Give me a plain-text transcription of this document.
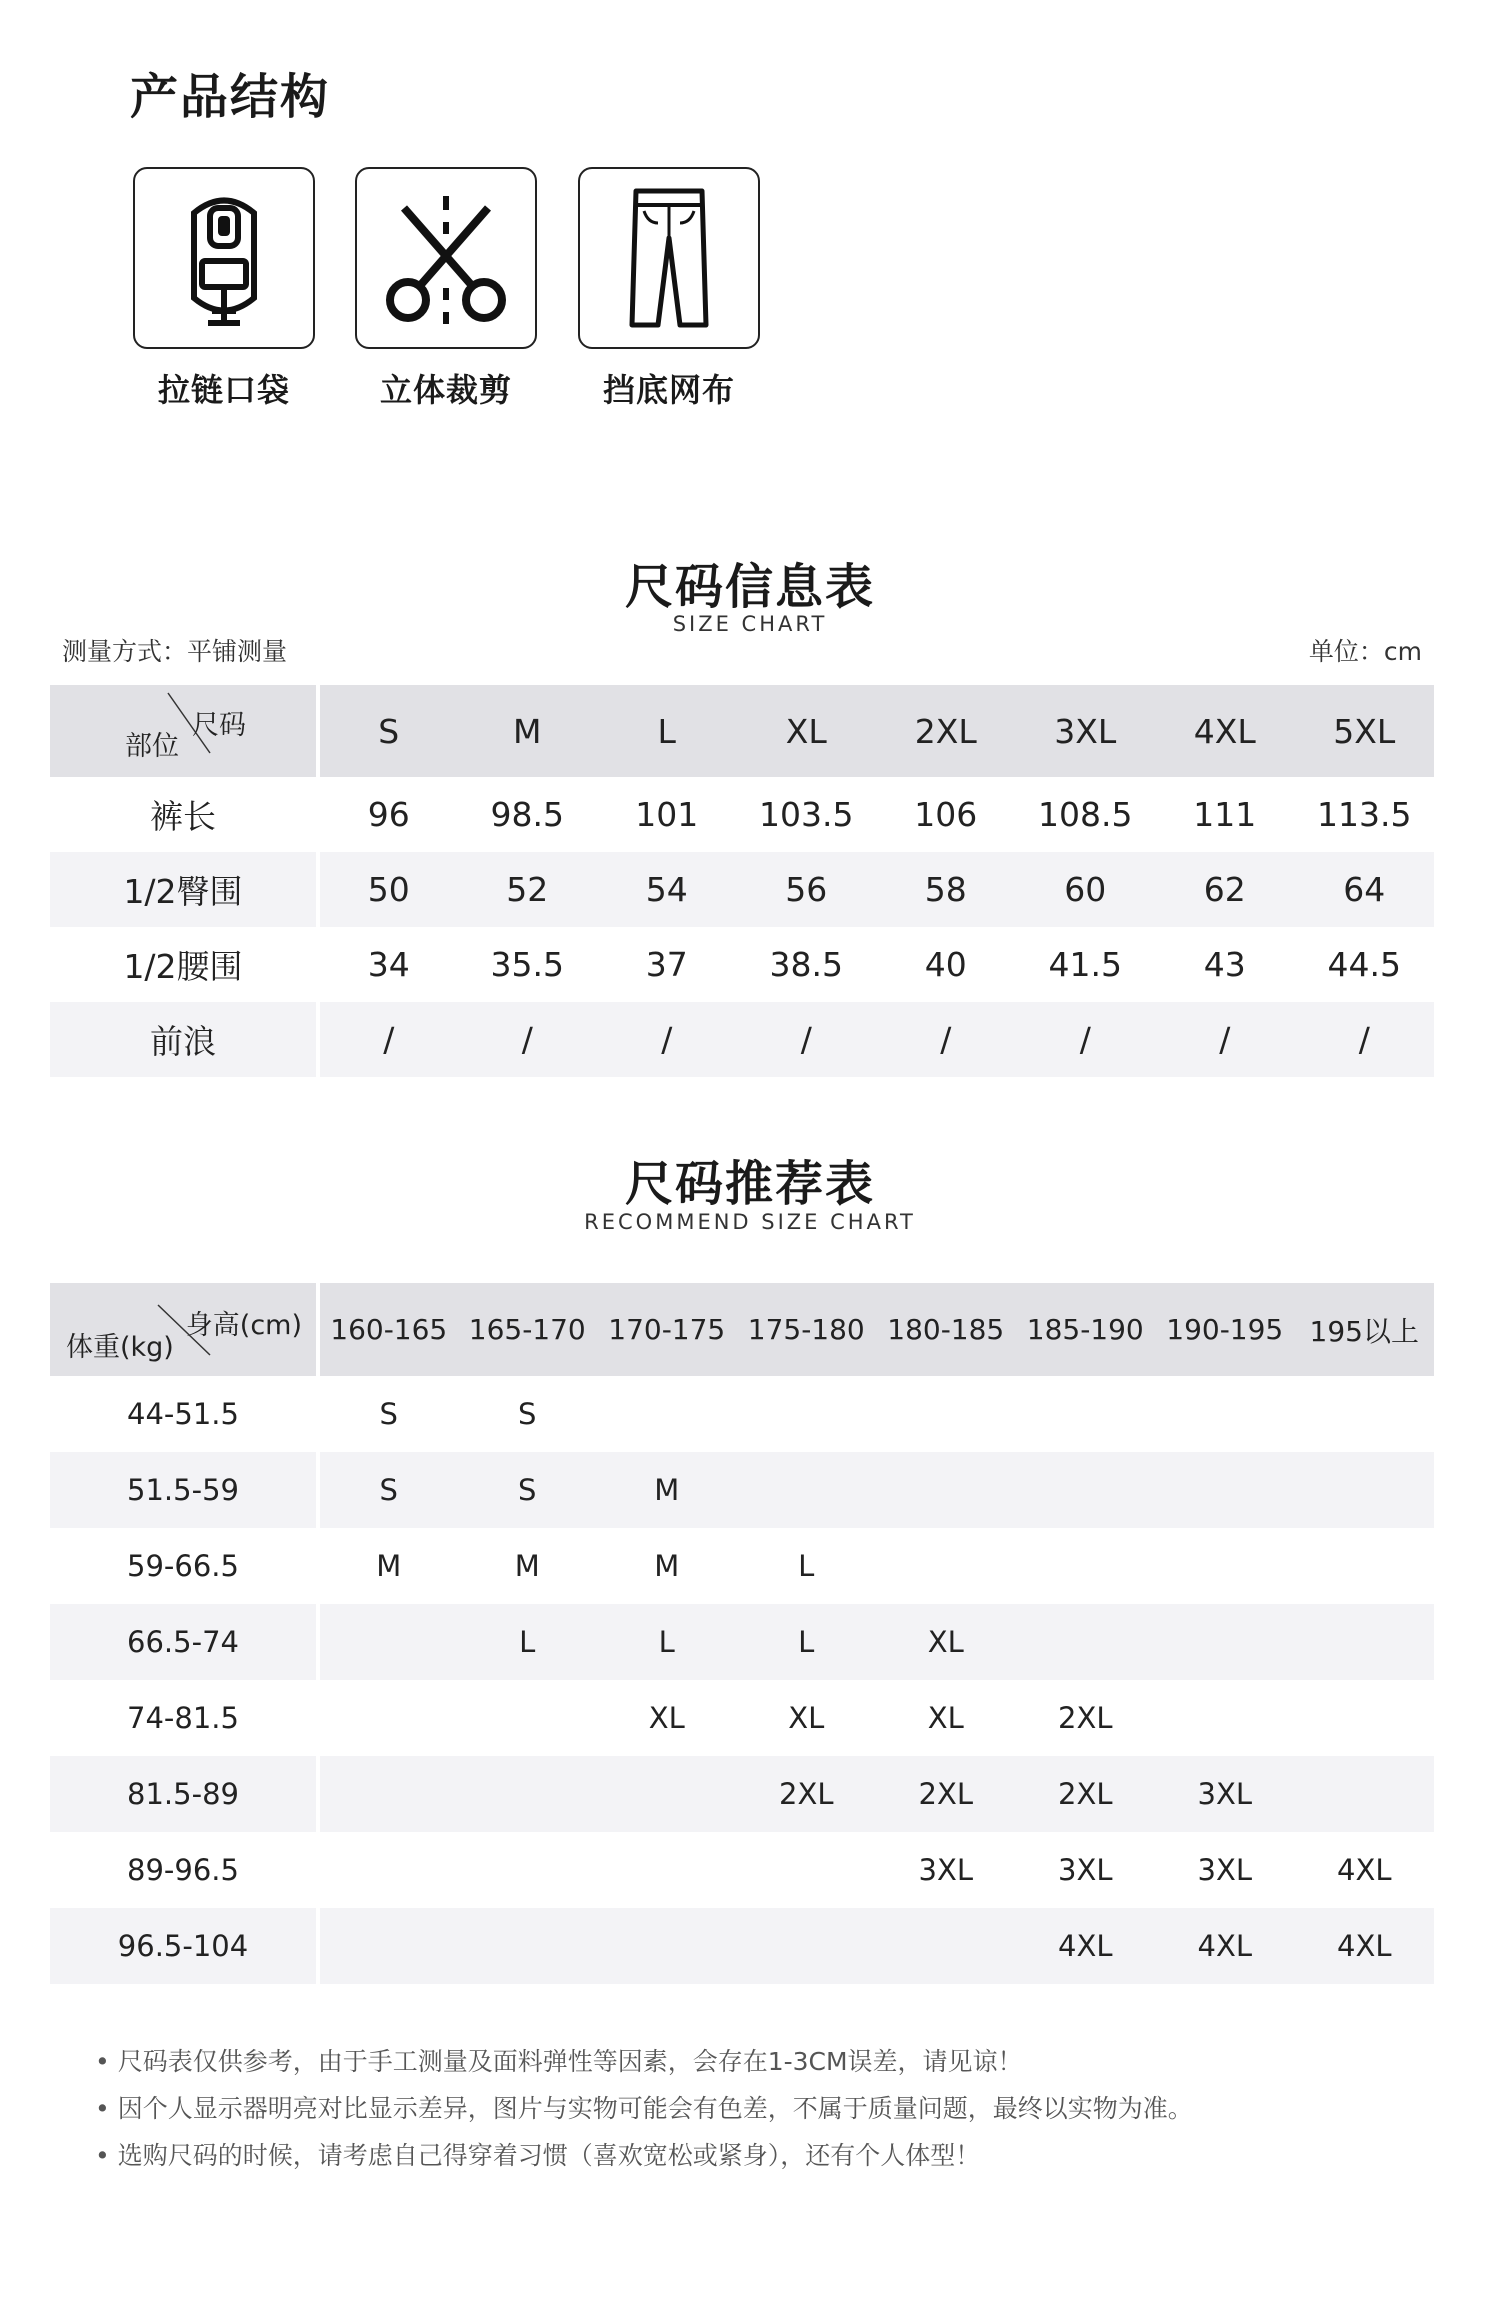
产品结构
拉链口袋	立体裁剪	挡底网布
尺码信息表
SIZE CHART
测量方式：平铺测量	单位：cm
尺码
部位	S	M	L	XL	2XL	3XL	4XL	5XL
裤长	96	98.5	101	103.5	106	108.5	111	113.5
1/2臀围	50	52	54	56	58	60	62	64
1/2腰围	34	35.5	37	38.5	40	41.5	43	44.5
前浪	/	/	/	/	/	/	/	/
尺码推荐表
RECOMMEND SIZE CHART
身高(cm)
体重(kg)	160-165	165-170	170-175	175-180	180-185	185-190	190-195	195以上
44-51.5	S	S						
51.5-59	S	S	M					
59-66.5	M	M	M	L				
66.5-74		L	L	L	XL			
74-81.5			XL	XL	XL	2XL		
81.5-89				2XL	2XL	2XL	3XL	
89-96.5					3XL	3XL	3XL	4XL
96.5-104						4XL	4XL	4XL
• 尺码表仅供参考，由于手工测量及面料弹性等因素，会存在1-3CM误差，请见谅！
• 因个人显示器明亮对比显示差异，图片与实物可能会有色差，不属于质量问题，最终以实物为准。
• 选购尺码的时候，请考虑自己得穿着习惯（喜欢宽松或紧身），还有个人体型！
